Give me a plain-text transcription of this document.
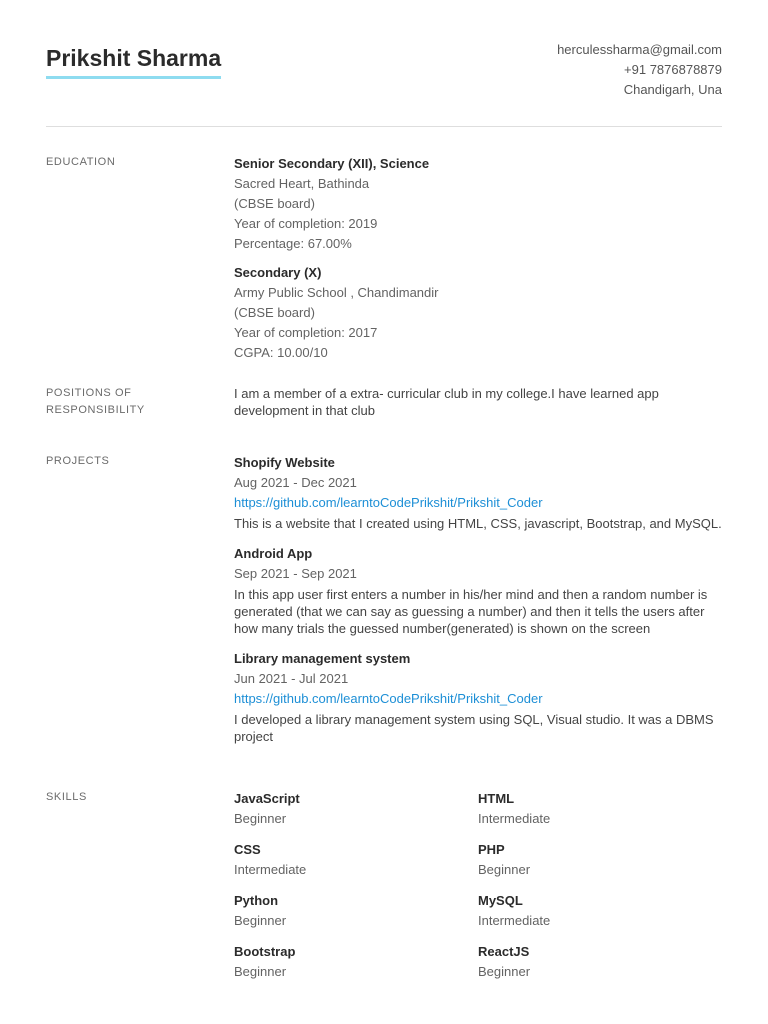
Prikshit Sharma	herculessharma@gmail.com
+91 7876878879
Chandigarh, Una
EDUCATION	Senior Secondary (XII), Science
Sacred Heart, Bathinda
(CBSE board)
Year of completion: 2019
Percentage: 67.00%
Secondary (X)
Army Public School , Chandimandir
(CBSE board)
Year of completion: 2017
CGPA: 10.00/10
POSITIONS OF
RESPONSIBILITY
I am a member of a extra- curricular club in my college.I have learned app development in that club
PROJECTS	Shopify Website
Aug 2021 - Dec 2021
https://github.com/learntoCodePrikshit/Prikshit_Coder
This is a website that I created using HTML, CSS, javascript, Bootstrap, and MySQL.
Android App
Sep 2021 - Sep 2021
In this app user first enters a number in his/her mind and then a random number is generated (that we can say as guessing a number) and then it tells the users after how many trials the guessed number(generated) is shown on the screen
Library management system
Jun 2021 - Jul 2021
https://github.com/learntoCodePrikshit/Prikshit_Coder
I developed a library management system using SQL, Visual studio. It was a DBMS project
SKILLS	JavaScript
Beginner
HTML
Intermediate
CSS
Intermediate
PHP
Beginner
Python
Beginner
MySQL
Intermediate
Bootstrap
Beginner
ReactJS
Beginner
